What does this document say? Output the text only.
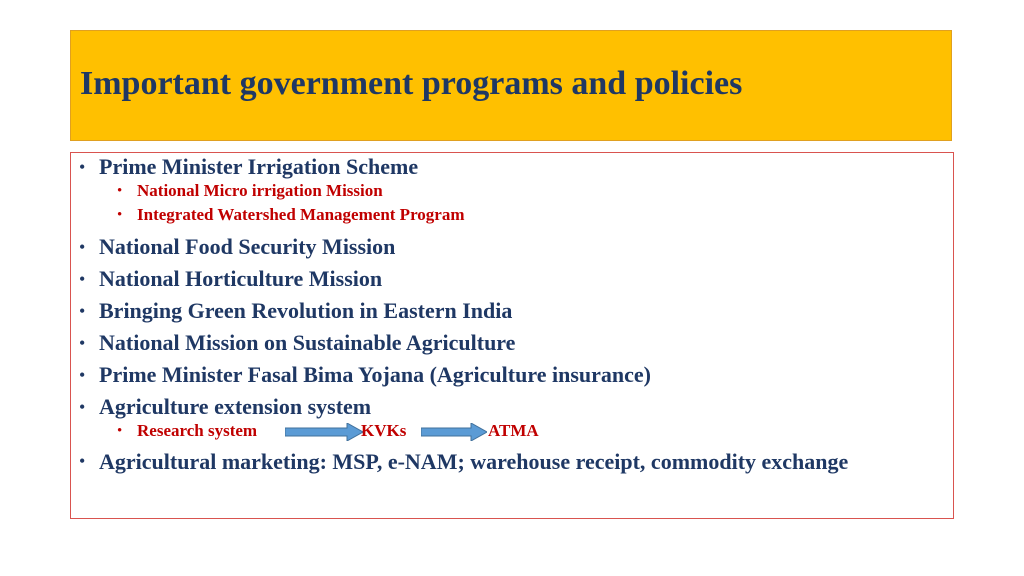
Important government programs and policies
• Prime Minister Irrigation Scheme
• National Micro irrigation Mission
• Integrated Watershed Management Program
• National Food Security Mission
• National Horticulture Mission
• Bringing Green Revolution in Eastern India
• National Mission on Sustainable Agriculture
• Prime Minister Fasal Bima Yojana (Agriculture insurance)
• Agriculture extension system
• Research system	KVKs	ATMA
• Agricultural marketing: MSP, e-NAM; warehouse receipt, commodity exchange
